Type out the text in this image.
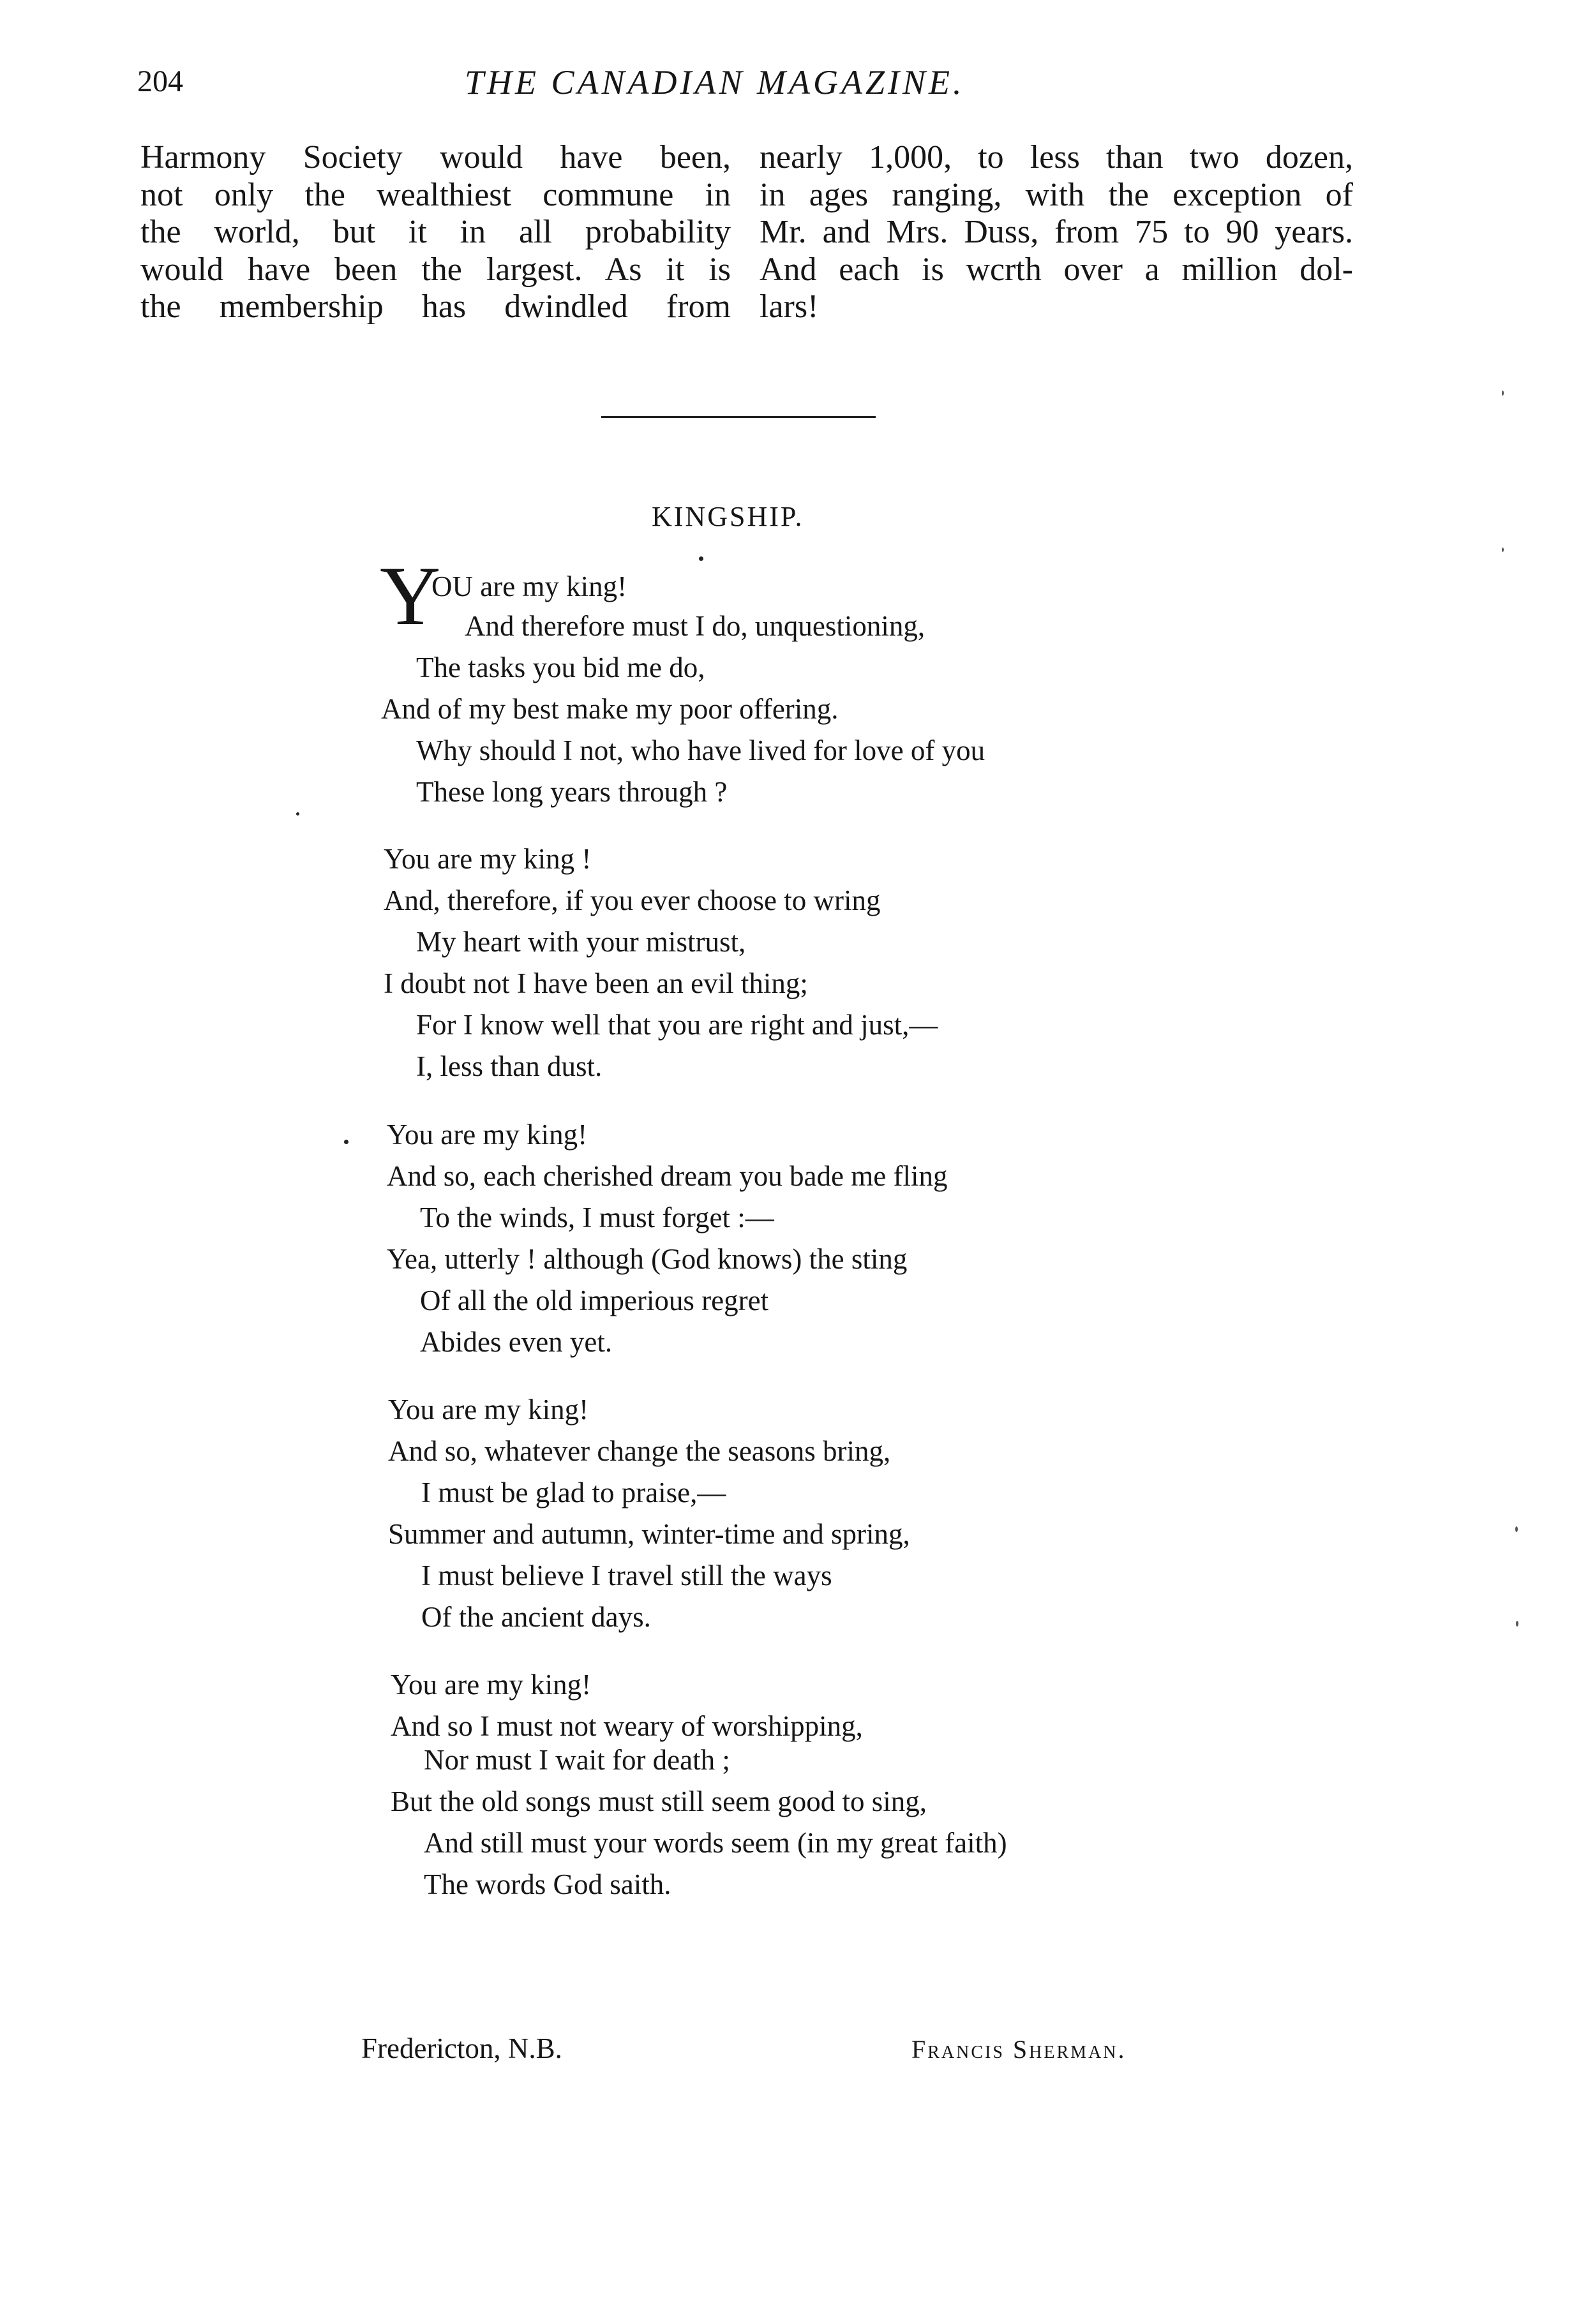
204	THE CANADIAN MAGAZINE.
Harmony Society would have been,
not only the wealthiest commune in
the world, but it in all probability
would have been the largest. As it is
the membership has dwindled from
nearly 1,000, to less than two dozen,
in ages ranging, with the exception of
Mr. and Mrs. Duss, from 75 to 90 years.
And each is wcrth over a million dol-
lars!
KINGSHIP.
Y
OU are my king!
And therefore must I do, unquestioning,
The tasks you bid me do,
And of my best make my poor offering.
Why should I not, who have lived for love of you
These long years through ?
You are my king !
And, therefore, if you ever choose to wring
My heart with your mistrust,
I doubt not I have been an evil thing;
For I know well that you are right and just,—
I, less than dust.
You are my king!
And so, each cherished dream you bade me fling
To the winds, I must forget :—
Yea, utterly ! although (God knows) the sting
Of all the old imperious regret
Abides even yet.
You are my king!
And so, whatever change the seasons bring,
I must be glad to praise,—
Summer and autumn, winter-time and spring,
I must believe I travel still the ways
Of the ancient days.
You are my king!
And so I must not weary of worshipping,
Nor must I wait for death ;
But the old songs must still seem good to sing,
And still must your words seem (in my great faith)
The words God saith.
Fredericton, N.B.	Francis Sherman.
